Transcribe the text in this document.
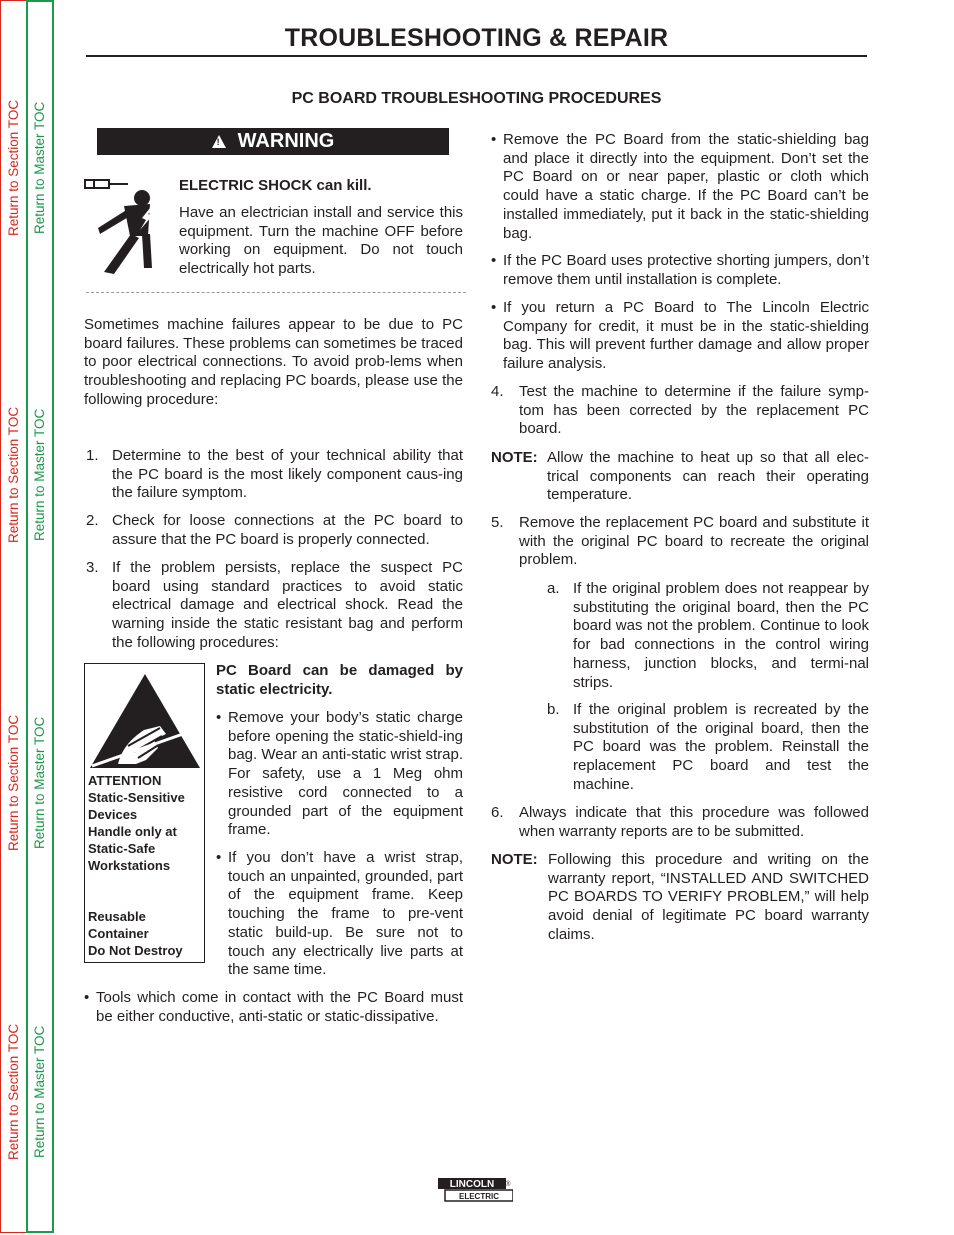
Return to Section TOC Return to Master TOC
Return to Section TOC Return to Master TOC
Return to Section TOC Return to Master TOC
Return to Section TOC Return to Master TOC
TROUBLESHOOTING & REPAIR
PC BOARD TROUBLESHOOTING PROCEDURES
! WARNING
ELECTRIC SHOCK can kill.
Have an electrician install and service this equipment. Turn the machine OFF before working on equipment. Do not touch electrically hot parts.
Sometimes machine failures appear to be due to PC board failures. These problems can sometimes be traced to poor electrical connections. To avoid prob-lems when troubleshooting and replacing PC boards, please use the following procedure:
1. Determine to the best of your technical ability that the PC board is the most likely component caus-ing the failure symptom.
2. Check for loose connections at the PC board to assure that the PC board is properly connected.
3. If the problem persists, replace the suspect PC board using standard practices to avoid static electrical damage and electrical shock. Read the warning inside the static resistant bag and perform the following procedures:
ATTENTION
Static-Sensitive
Devices
Handle only at
Static-Safe
Workstations
Reusable
Container
Do Not Destroy
PC Board can be damaged by static electricity.
• Remove your body’s static charge before opening the static-shield-ing bag. Wear an anti-static wrist strap. For safety, use a 1 Meg ohm resistive cord connected to a grounded part of the equipment frame.
• If you don’t have a wrist strap, touch an unpainted, grounded, part of the equipment frame. Keep touching the frame to pre-vent static build-up. Be sure not to touch any electrically live parts at the same time.
• Tools which come in contact with the PC Board must be either conductive, anti-static or static-dissipative.
• Remove the PC Board from the static-shielding bag and place it directly into the equipment. Don’t set the PC Board on or near paper, plastic or cloth which could have a static charge. If the PC Board can’t be installed immediately, put it back in the static-shielding bag.
• If the PC Board uses protective shorting jumpers, don’t remove them until installation is complete.
• If you return a PC Board to The Lincoln Electric Company for credit, it must be in the static-shielding bag. This will prevent further damage and allow proper failure analysis.
4. Test the machine to determine if the failure symp-tom has been corrected by the replacement PC board.
NOTE: Allow the machine to heat up so that all elec-trical components can reach their operating temperature.
5. Remove the replacement PC board and substitute it with the original PC board to recreate the original problem.
a. If the original problem does not reappear by substituting the original board, then the PC board was not the problem. Continue to look for bad connections in the control wiring harness, junction blocks, and termi-nal strips.
b. If the original problem is recreated by the substitution of the original board, then the PC board was the problem. Reinstall the replacement PC board and test the machine.
6. Always indicate that this procedure was followed when warranty reports are to be submitted.
NOTE: Following this procedure and writing on the warranty report, “INSTALLED AND SWITCHED PC BOARDS TO VERIFY PROBLEM,” will help avoid denial of legitimate PC board warranty claims.
LINCOLN
ELECTRIC
®
